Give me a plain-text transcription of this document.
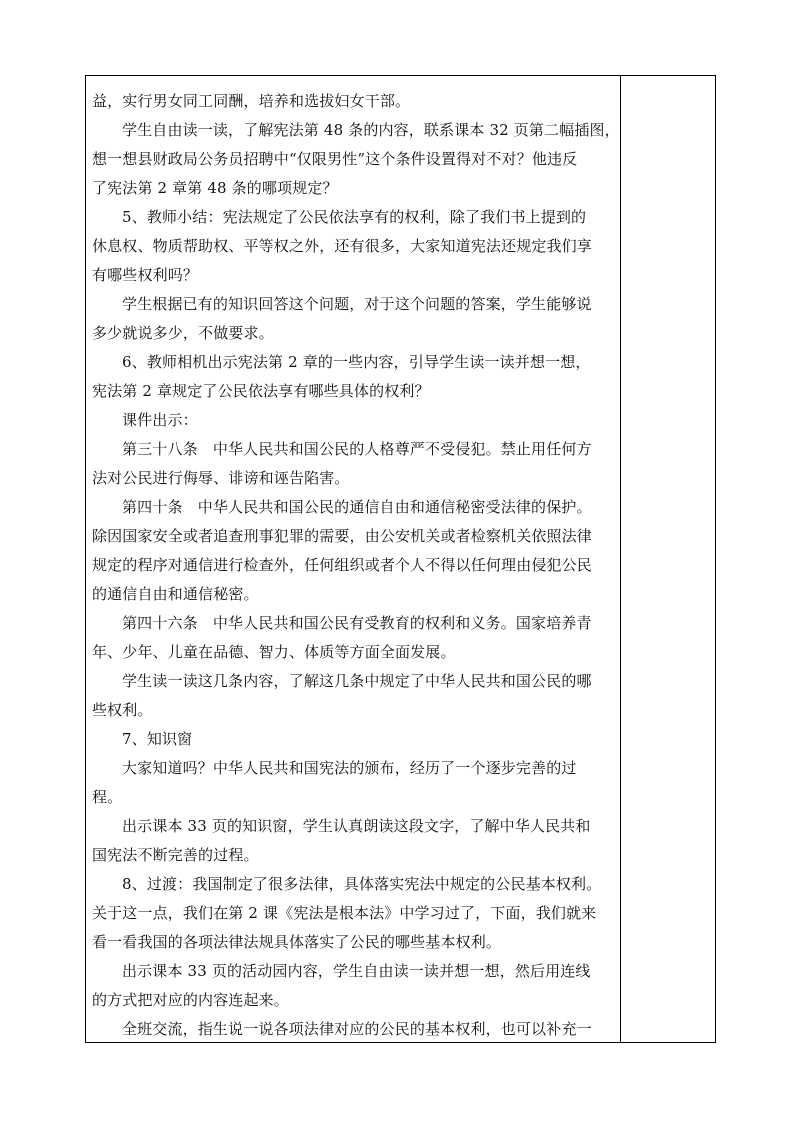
益，实行男女同工同酬，培养和选拔妇女干部。
学生自由读一读，了解宪法第 48 条的内容，联系课本 32 页第二幅插图，
想一想县财政局公务员招聘中“仅限男性”这个条件设置得对不对？他违反
了宪法第 2 章第 48 条的哪项规定？
5、教师小结：宪法规定了公民依法享有的权利，除了我们书上提到的
休息权、物质帮助权、平等权之外，还有很多，大家知道宪法还规定我们享
有哪些权利吗？
学生根据已有的知识回答这个问题，对于这个问题的答案，学生能够说
多少就说多少，不做要求。
6、教师相机出示宪法第 2 章的一些内容，引导学生读一读并想一想，
宪法第 2 章规定了公民依法享有哪些具体的权利？
课件出示：
第三十八条　中华人民共和国公民的人格尊严不受侵犯。禁止用任何方
法对公民进行侮辱、诽谤和诬告陷害。
第四十条　中华人民共和国公民的通信自由和通信秘密受法律的保护。
除因国家安全或者追查刑事犯罪的需要，由公安机关或者检察机关依照法律
规定的程序对通信进行检查外，任何组织或者个人不得以任何理由侵犯公民
的通信自由和通信秘密。
第四十六条　中华人民共和国公民有受教育的权利和义务。国家培养青
年、少年、儿童在品德、智力、体质等方面全面发展。
学生读一读这几条内容，了解这几条中规定了中华人民共和国公民的哪
些权利。
7、知识窗
大家知道吗？中华人民共和国宪法的颁布，经历了一个逐步完善的过
程。
出示课本 33 页的知识窗，学生认真朗读这段文字，了解中华人民共和
国宪法不断完善的过程。
8、过渡：我国制定了很多法律，具体落实宪法中规定的公民基本权利。
关于这一点，我们在第 2 课《宪法是根本法》中学习过了，下面，我们就来
看一看我国的各项法律法规具体落实了公民的哪些基本权利。
出示课本 33 页的活动园内容，学生自由读一读并想一想，然后用连线
的方式把对应的内容连起来。
全班交流，指生说一说各项法律对应的公民的基本权利，也可以补充一
